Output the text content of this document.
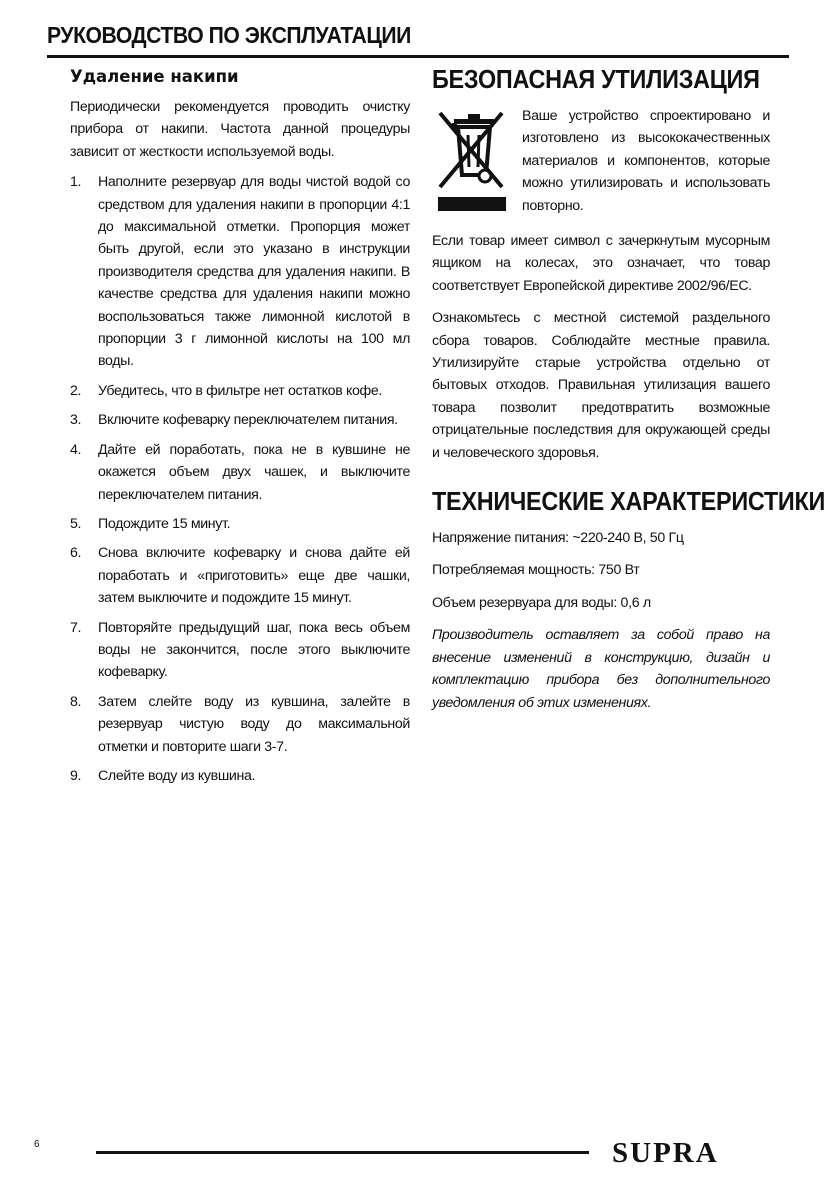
РУКОВОДСТВО ПО ЭКСПЛУАТАЦИИ
Удаление накипи

Периодически рекомендуется проводить очистку прибора от накипи. Частота данной процедуры зависит от жесткости используемой воды.

1.	Наполните резервуар для воды чистой водой со средством для удаления накипи в пропорции 4:1 до максимальной отметки. Пропорция может быть другой, если это указано в инструкции производителя средства для удаления накипи. В качестве средства для удаления накипи можно воспользоваться также лимонной кислотой в пропорции 3 г лимонной кислоты на 100 мл воды.
2.	Убедитесь, что в фильтре нет остатков кофе.
3.	Включите кофеварку переключателем питания.
4.	Дайте ей поработать, пока не в кувшине не окажется объем двух чашек, и выключите переключателем питания.
5.	Подождите 15 минут.
6.	Снова включите кофеварку и снова дайте ей поработать и «приготовить» еще две чашки, затем выключите и подождите 15 минут.
7.	Повторяйте предыдущий шаг, пока весь объем воды не закончится, после этого выключите кофеварку.
8.	Затем слейте воду из кувшина, залейте в резервуар чистую воду до максимальной отметки и повторите шаги 3-7.
9.	Слейте воду из кувшина.
БЕЗОПАСНАЯ УТИЛИЗАЦИЯ

Ваше устройство спроектировано и изготовлено из высококачественных материалов и компонентов, которые можно утилизировать и использовать повторно.

Если товар имеет символ с зачеркнутым мусорным ящиком на колесах, это означает, что товар соответствует Европейской директиве 2002/96/EC.

Ознакомьтесь с местной системой раздельного сбора товаров. Соблюдайте местные правила. Утилизируйте старые устройства отдельно от бытовых отходов. Правильная утилизация вашего товара позволит предотвратить возможные отрицательные последствия для окружающей среды и человеческого здоровья.

ТЕХНИЧЕСКИЕ ХАРАКТЕРИСТИКИ
Напряжение питания: ~220-240 В, 50 Гц
Потребляемая мощность: 750 Вт
Объем резервуара для воды: 0,6 л

Производитель оставляет за собой право на внесение изменений в конструкцию, дизайн и комплектацию прибора без дополнительного уведомления об этих изменениях.

6	SUPRA
